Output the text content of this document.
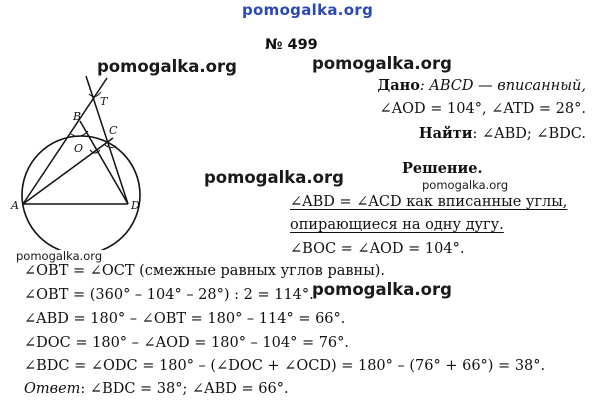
pomogalka.org
pomogalka.org	pomogalka.org
pomogalka.org	pomogalka.org
pomogalka.org
pomogalka.org
№ 499
T
B
C
O
A	D
Дано: ABCD — вписанный,
∠AOD = 104°, ∠ATD = 28°.
Найти: ∠ABD; ∠BDC.
Решение.
∠ABD = ∠ACD как вписанные углы,
опирающиеся на одну дугу.
∠BOC = ∠AOD = 104°.
∠OBT = ∠OCT (смежные равных углов равны).
∠OBT = (360° – 104° – 28°) : 2 = 114°.
∠ABD = 180° – ∠OBT = 180° – 114° = 66°.
∠DOC = 180° – ∠AOD = 180° – 104° = 76°.
∠BDC = ∠ODC = 180° – (∠DOC + ∠OCD) = 180° – (76° + 66°) = 38°.
Ответ: ∠BDC = 38°; ∠ABD = 66°.
